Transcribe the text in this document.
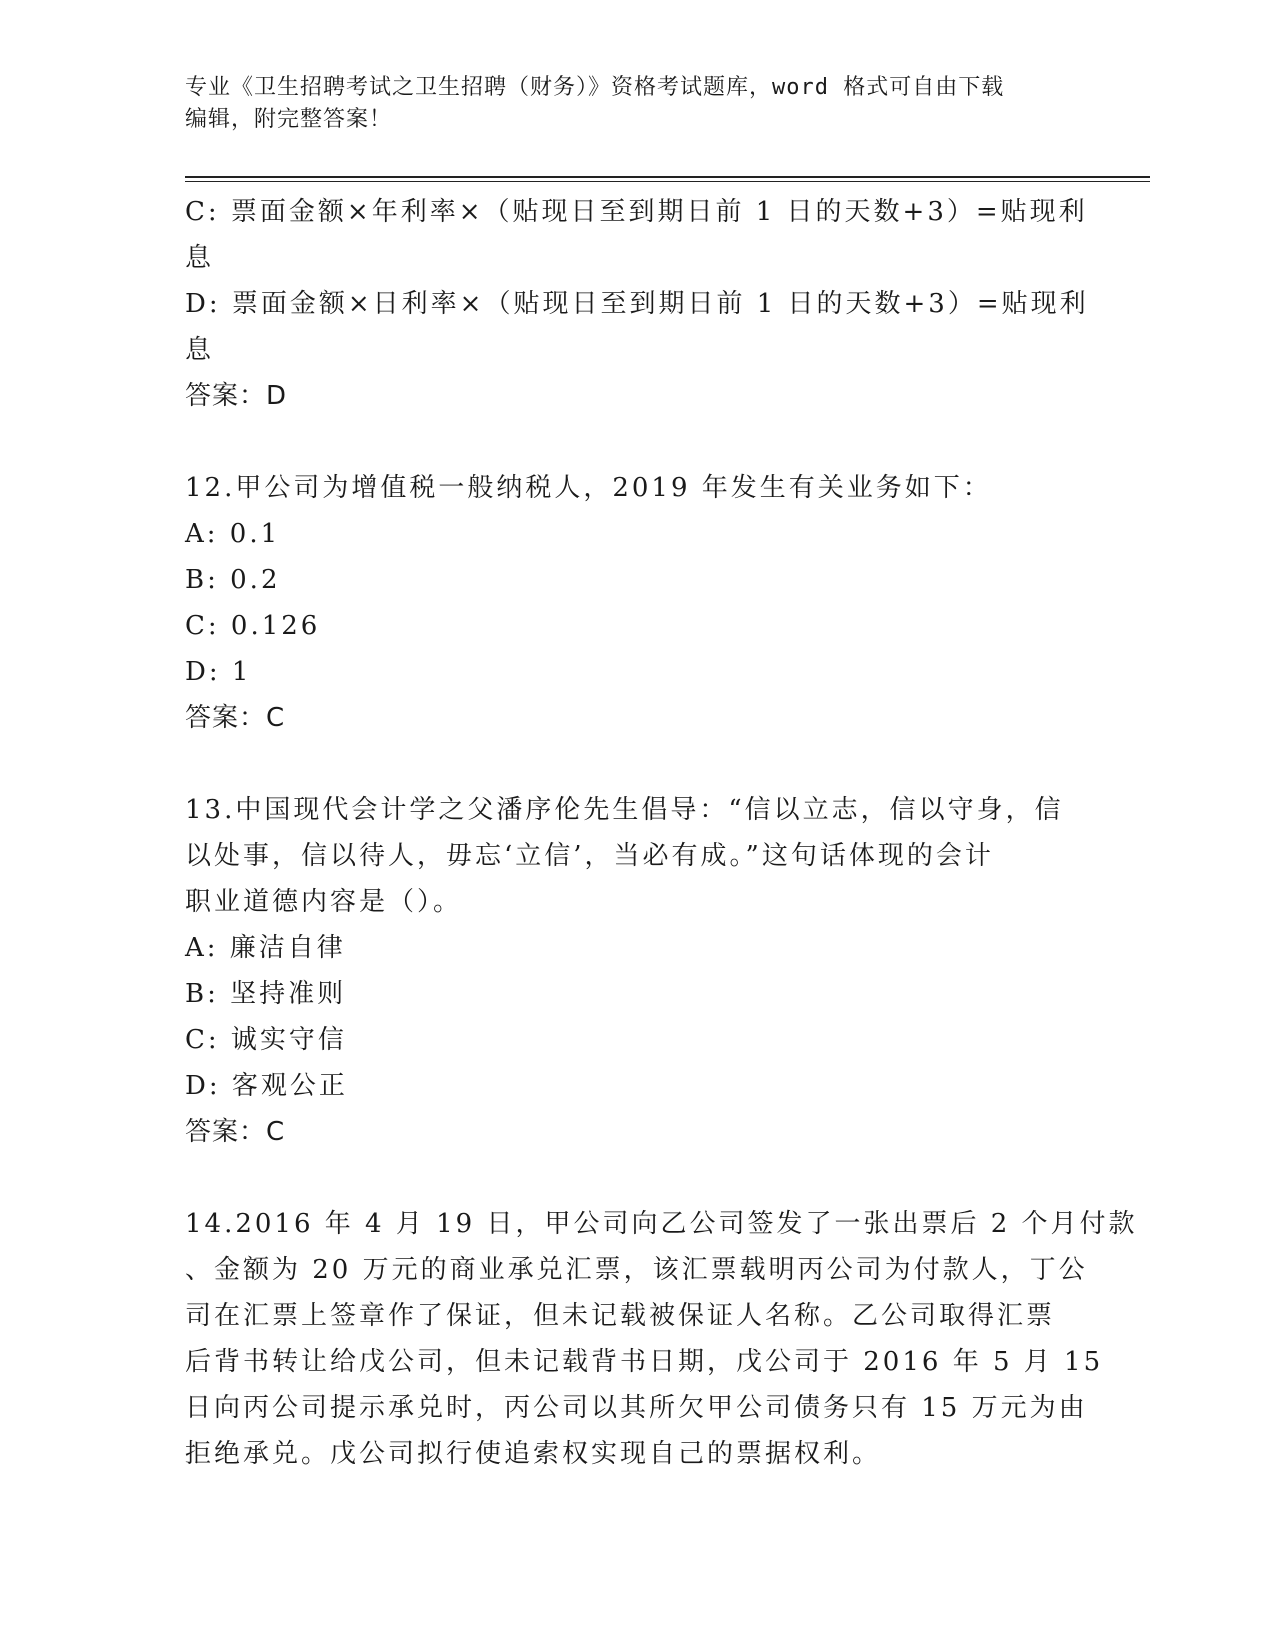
专业《卫生招聘考试之卫生招聘（财务）》资格考试题库，word 格式可自由下载
编辑，附完整答案！
C: 票面金额×年利率×（贴现日至到期日前 1 日的天数+3）=贴现利
息
D: 票面金额×日利率×（贴现日至到期日前 1 日的天数+3）=贴现利
息
答案：D
12.甲公司为增值税一般纳税人，2019 年发生有关业务如下：
A: 0.1
B: 0.2
C: 0.126
D: 1
答案：C
13.中国现代会计学之父潘序伦先生倡导：“信以立志，信以守身，信
以处事，信以待人，毋忘‘立信’，当必有成。”这句话体现的会计
职业道德内容是（）。
A: 廉洁自律
B: 坚持准则
C: 诚实守信
D: 客观公正
答案：C
14.2016 年 4 月 19 日，甲公司向乙公司签发了一张出票后 2 个月付款
、金额为 20 万元的商业承兑汇票，该汇票载明丙公司为付款人，丁公
司在汇票上签章作了保证，但未记载被保证人名称。乙公司取得汇票
后背书转让给戊公司，但未记载背书日期，戊公司于 2016 年 5 月 15
日向丙公司提示承兑时，丙公司以其所欠甲公司债务只有 15 万元为由
拒绝承兑。戊公司拟行使追索权实现自己的票据权利。
